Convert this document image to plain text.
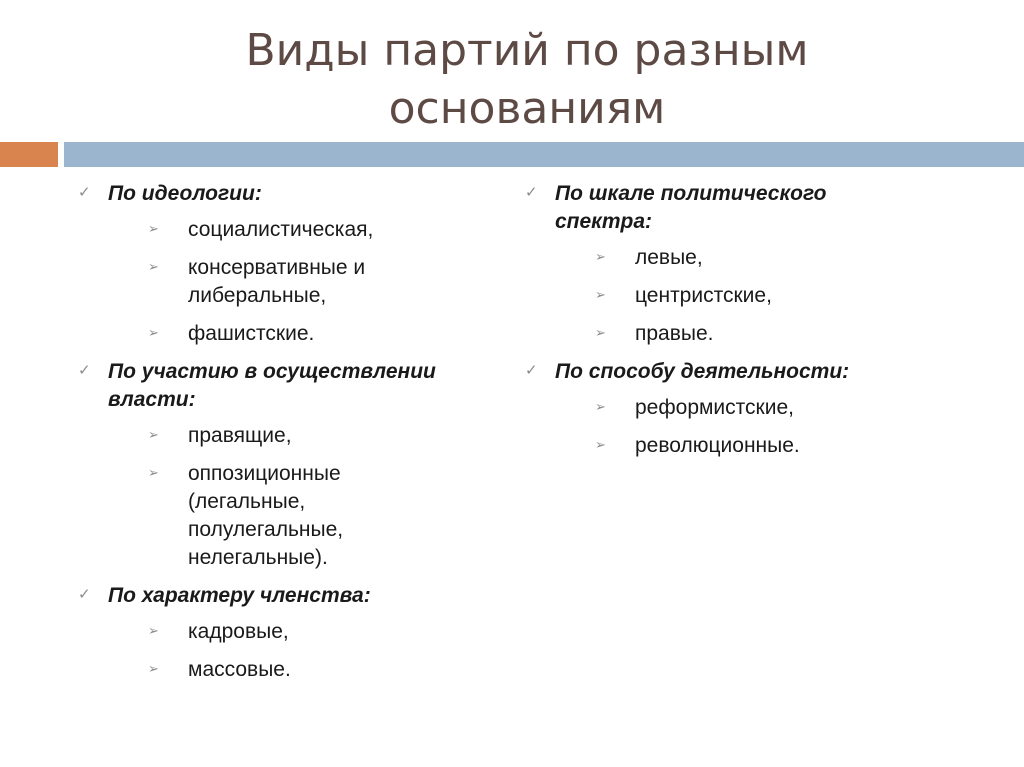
Виды партий по разным
основаниям
✓ По идеологии:
➢ социалистическая,
➢ консервативные и либеральные,
➢ фашистские.
✓ По участию в осуществлении власти:
➢ правящие,
➢ оппозиционные (легальные, полулегальные, нелегальные).
✓ По характеру членства:
➢ кадровые,
➢ массовые.
✓ По шкале политического спектра:
➢ левые,
➢ центристские,
➢ правые.
✓ По способу деятельности:
➢ реформистские,
➢ революционные.
